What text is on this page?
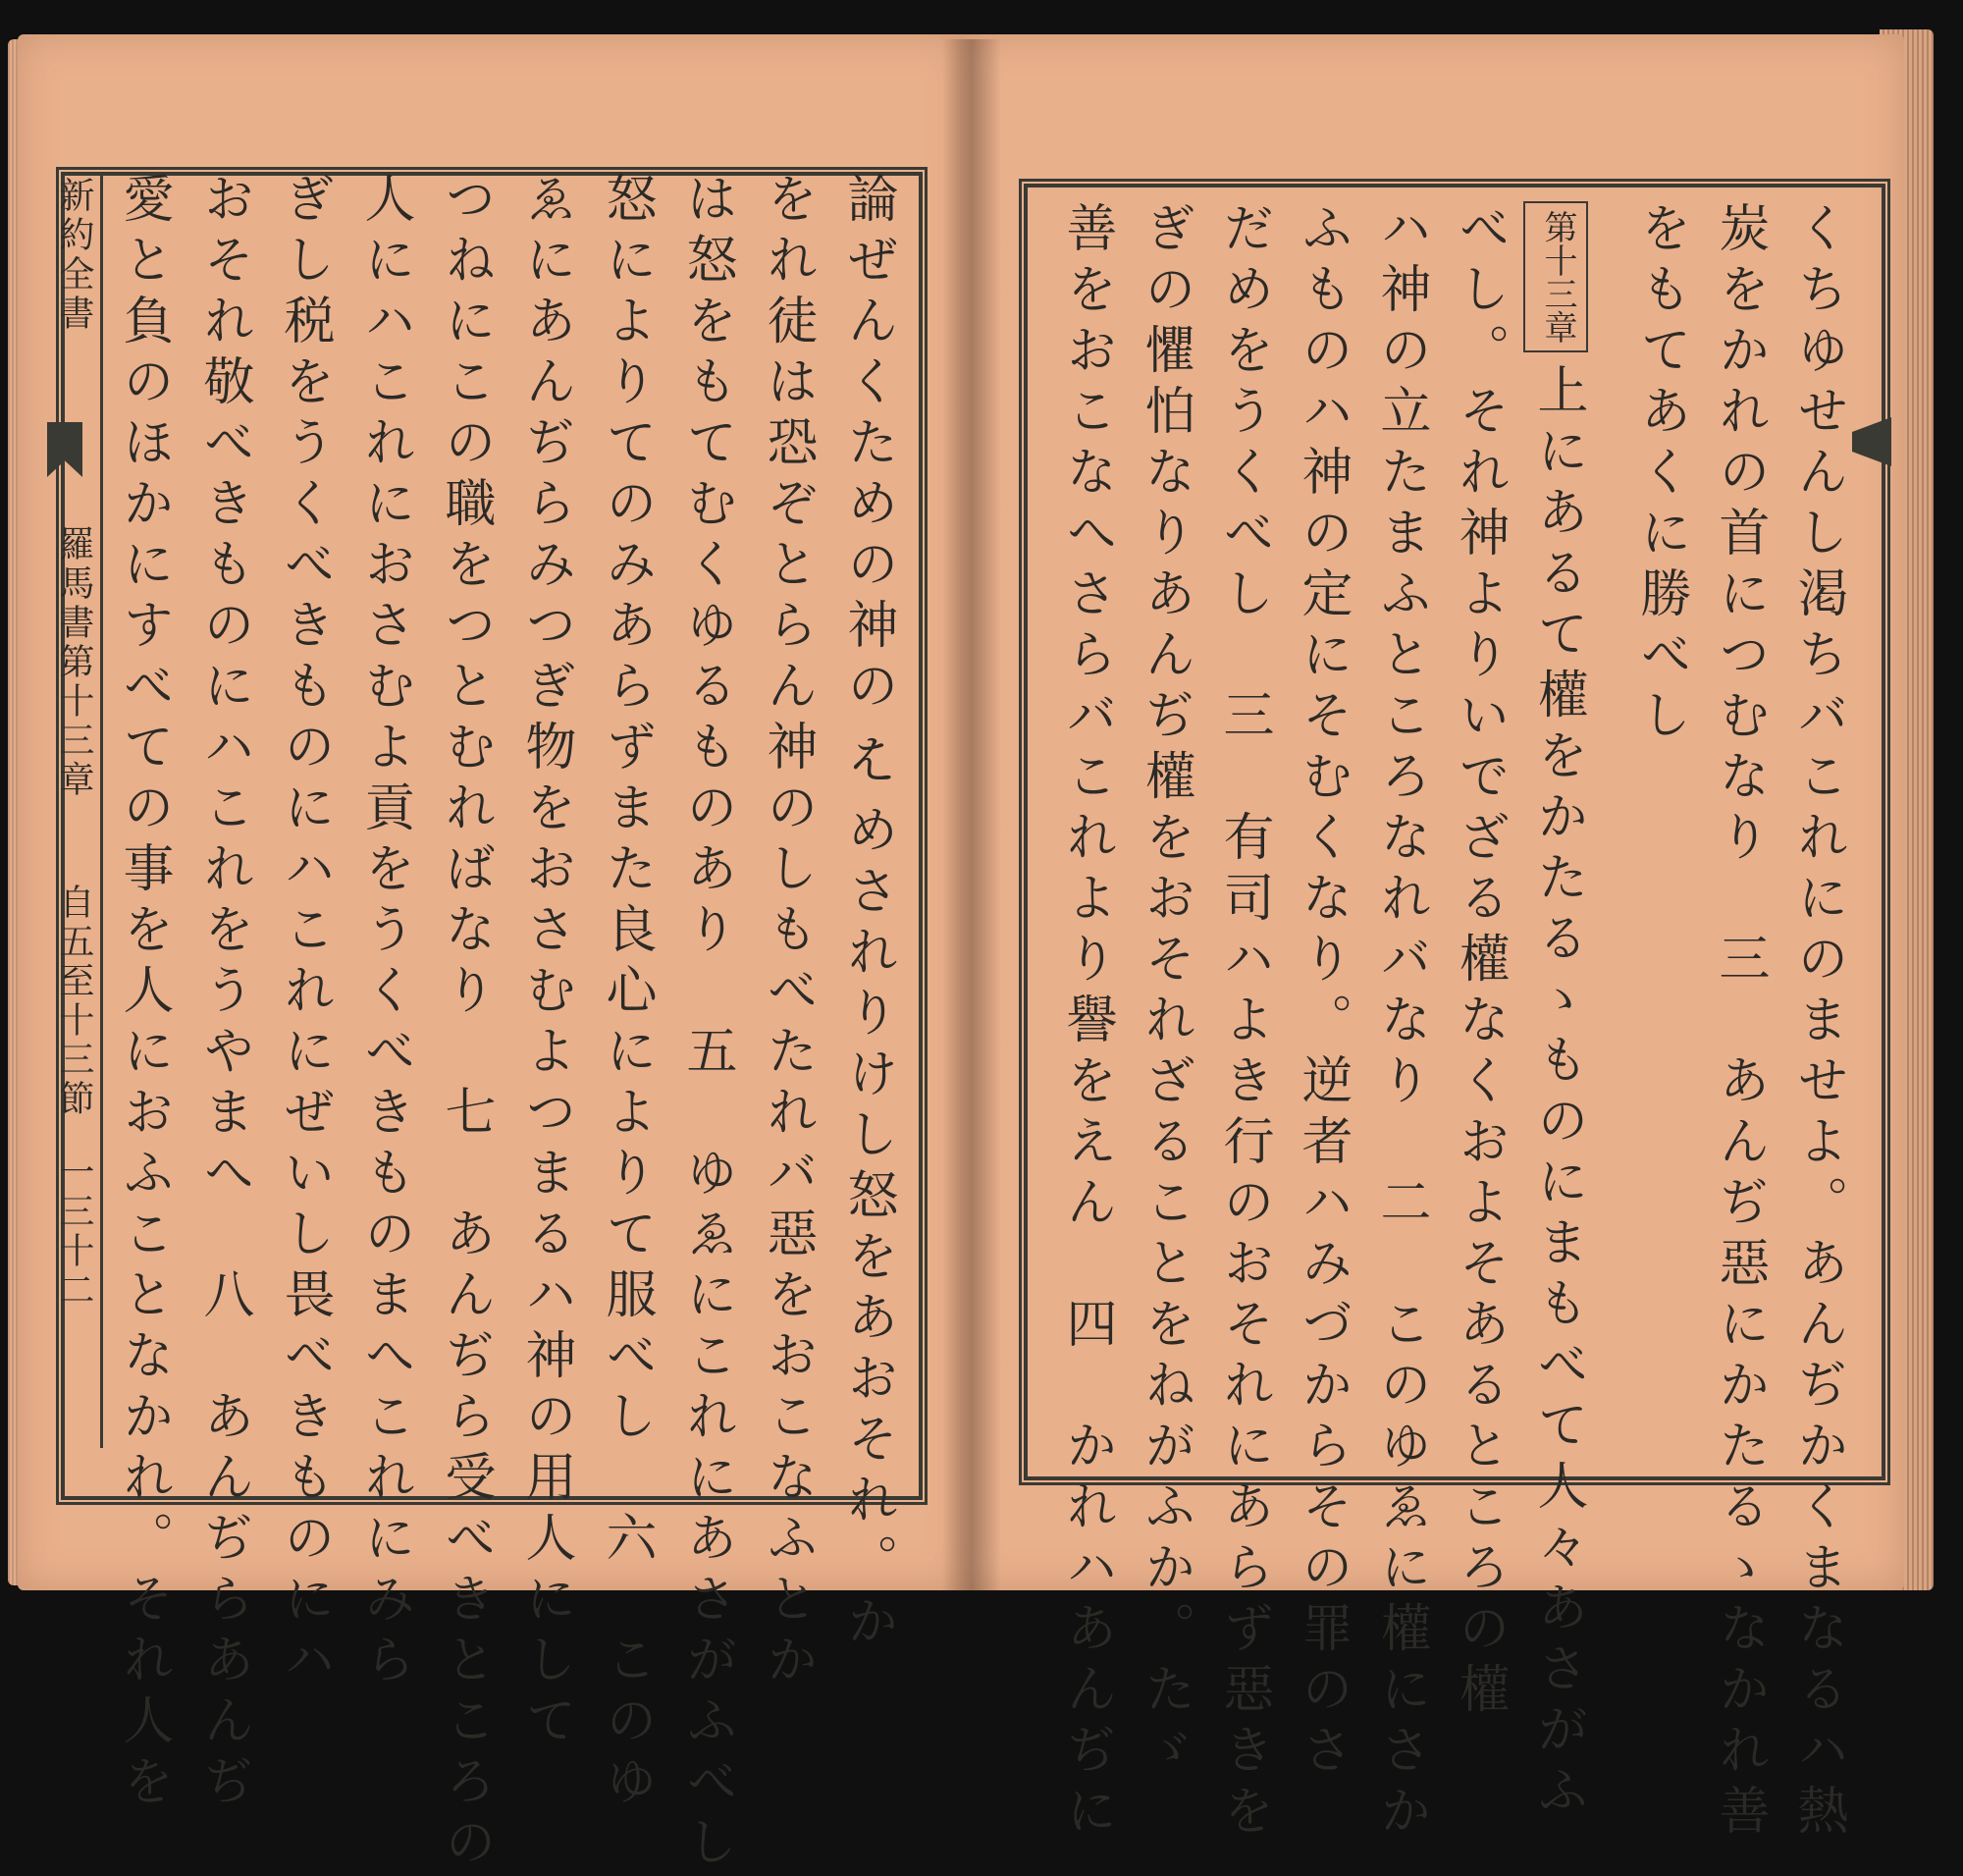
新約全書
羅馬書第十三章
自五至十三節
一三十二	論ぜんくための神の𛂦めされりけし怒をあおそれ。か
をれ徒は恐ぞとらん神のしもべたれバ惡をおこなふとか
は怒をもてむくゆるものあり　五　ゆゑにこれにあさがふべし
怒によりてのみあらずまた良心によりて服べし　六　このゆ
ゑにあんぢらみつぎ物をおさむよつまるハ神の用人にして
つねにこの職をつとむればなり　七　あんぢら受べきところの
人にハこれにおさむよ貢をうくべきものまへこれにみら
ぎし税をうくべきものにハこれにぜいし畏べきものにハ
おそれ敬べきものにハこれをうやまへ　八　あんぢらあんぢ
愛と負のほかにすべての事を人におふことなかれ。それ人を	くちゆせんし渇ちバこれにのませよ。あんぢかくまなるハ熱
炭をかれの首につむなり　三　あんぢ惡にかたるゝなかれ善
をもてあくに勝べし
第十三章
上にあるて權をかたるゝものにまもべて人々あさがふ
べし。それ神よりいでざる權なくおよそあるところの權
ハ神の立たまふところなれバなり　二　このゆゑに權にさか
ふものハ神の定にそむくなり。逆者ハみづからその罪のさ
だめをうくべし　三　有司ハよき行のおそれにあらず惡きを
ぎの懼怕なりあんぢ權をおそれざることをねがふか。たゞ
善をおこなへさらバこれより譽をえん　四　かれハあんぢに
